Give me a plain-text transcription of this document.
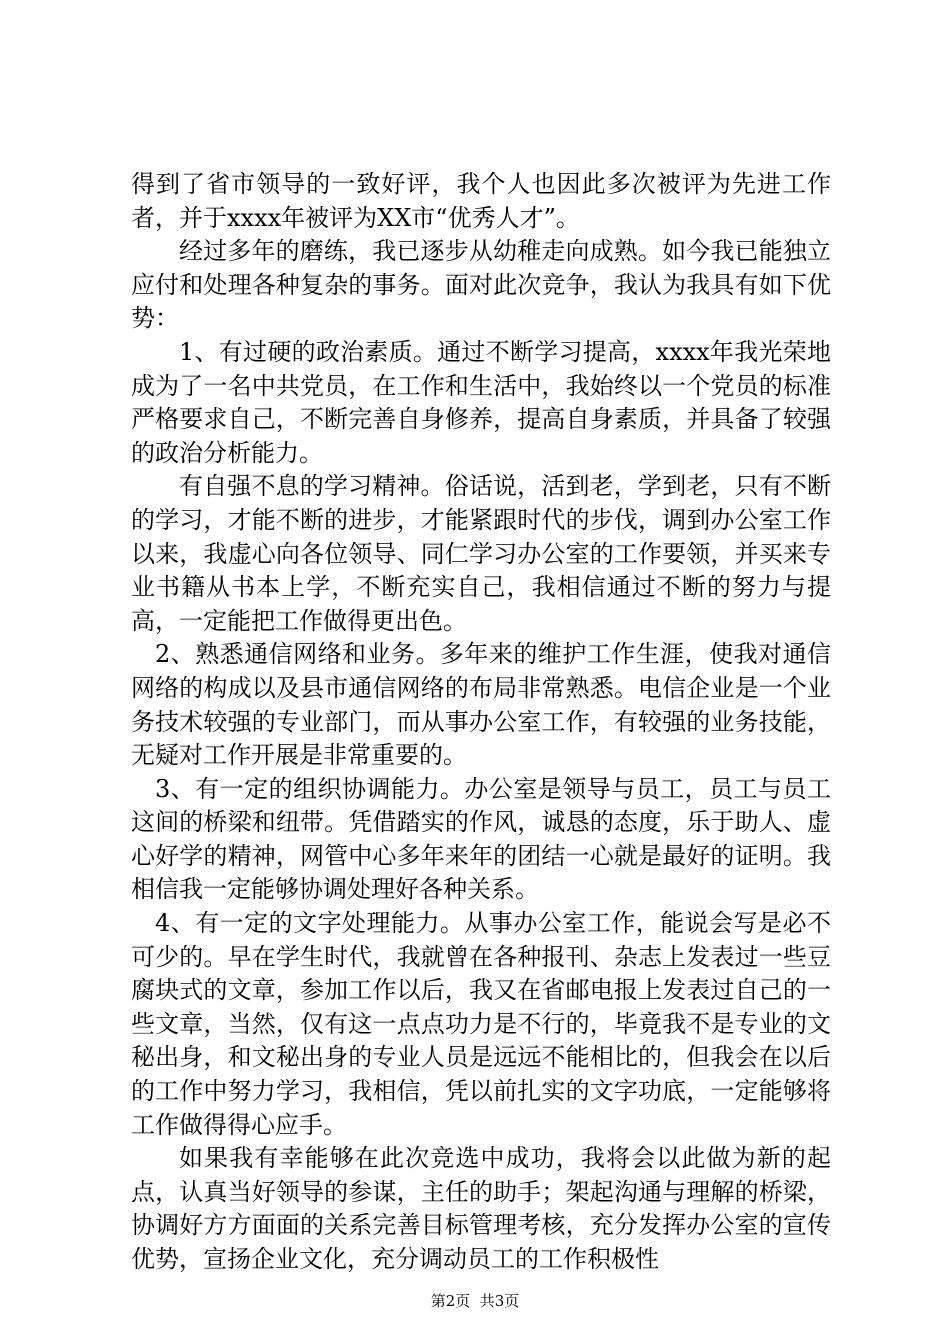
得到了省市领导的一致好评，我个人也因此多次被评为先进工作者，并于xxxx年被评为XX市“优秀人才”。

经过多年的磨练，我已逐步从幼稚走向成熟。如今我已能独立应付和处理各种复杂的事务。面对此次竞争，我认为我具有如下优势：

1、有过硬的政治素质。通过不断学习提高，xxxx年我光荣地成为了一名中共党员，在工作和生活中，我始终以一个党员的标准严格要求自己，不断完善自身修养，提高自身素质，并具备了较强的政治分析能力。

有自强不息的学习精神。俗话说，活到老，学到老，只有不断的学习，才能不断的进步，才能紧跟时代的步伐，调到办公室工作以来，我虚心向各位领导、同仁学习办公室的工作要领，并买来专业书籍从书本上学，不断充实自己，我相信通过不断的努力与提高，一定能把工作做得更出色。

2、熟悉通信网络和业务。多年来的维护工作生涯，使我对通信网络的构成以及县市通信网络的布局非常熟悉。电信企业是一个业务技术较强的专业部门，而从事办公室工作，有较强的业务技能，无疑对工作开展是非常重要的。

3、有一定的组织协调能力。办公室是领导与员工，员工与员工这间的桥梁和纽带。凭借踏实的作风，诚恳的态度，乐于助人、虚心好学的精神，网管中心多年来年的团结一心就是最好的证明。我相信我一定能够协调处理好各种关系。

4、有一定的文字处理能力。从事办公室工作，能说会写是必不可少的。早在学生时代，我就曾在各种报刊、杂志上发表过一些豆腐块式的文章，参加工作以后，我又在省邮电报上发表过自己的一些文章，当然，仅有这一点点功力是不行的，毕竟我不是专业的文秘出身，和文秘出身的专业人员是远远不能相比的，但我会在以后的工作中努力学习，我相信，凭以前扎实的文字功底，一定能够将工作做得得心应手。

如果我有幸能够在此次竞选中成功，我将会以此做为新的起点，认真当好领导的参谋，主任的助手；架起沟通与理解的桥梁，协调好方方面面的关系完善目标管理考核，充分发挥办公室的宣传优势，宣扬企业文化，充分调动员工的工作积极性

第2页  共3页
